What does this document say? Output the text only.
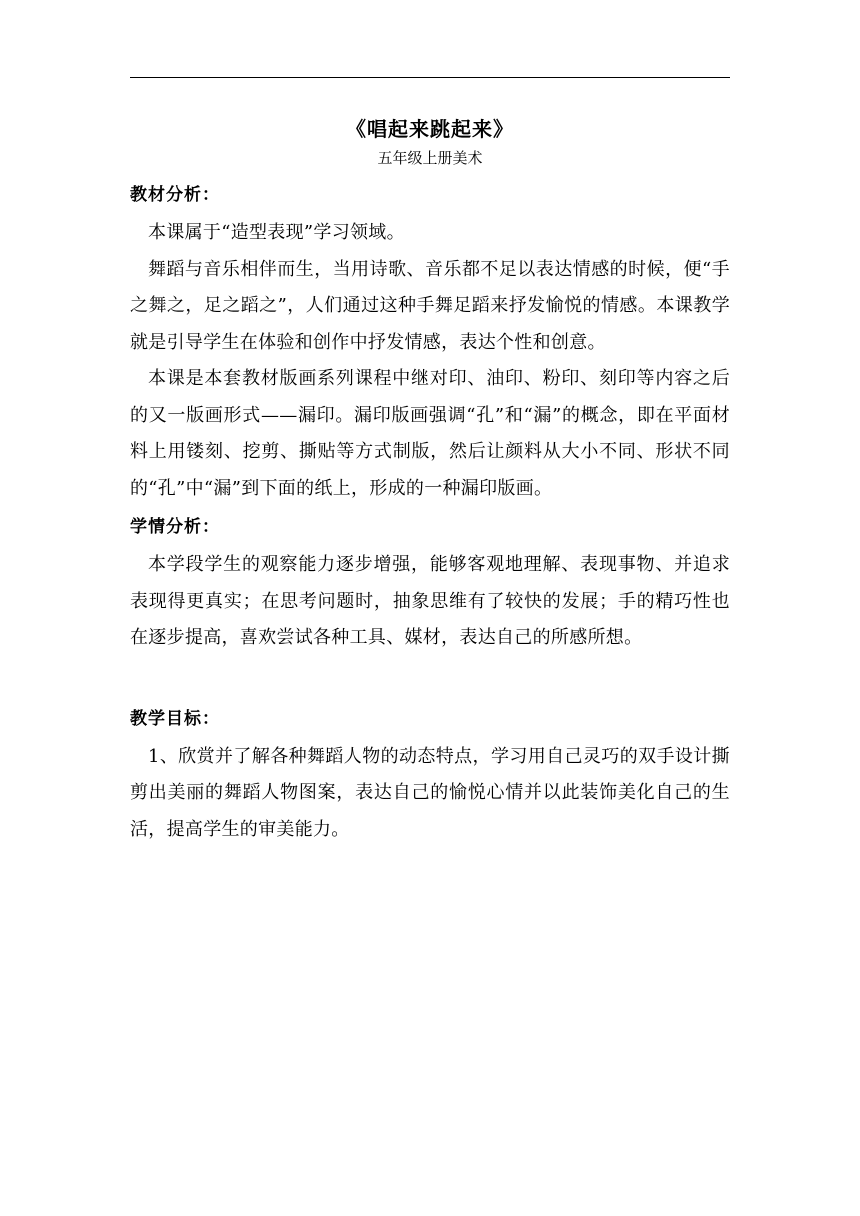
《唱起来跳起来》

五年级上册美术

教材分析：

本课属于“造型表现”学习领域。

舞蹈与音乐相伴而生，当用诗歌、音乐都不足以表达情感的时候，便“手之舞之，足之蹈之”，人们通过这种手舞足蹈来抒发愉悦的情感。本课教学就是引导学生在体验和创作中抒发情感，表达个性和创意。

本课是本套教材版画系列课程中继对印、油印、粉印、刻印等内容之后的又一版画形式——漏印。漏印版画强调“孔”和“漏”的概念，即在平面材料上用镂刻、挖剪、撕贴等方式制版，然后让颜料从大小不同、形状不同的“孔”中“漏”到下面的纸上，形成的一种漏印版画。

学情分析：

本学段学生的观察能力逐步增强，能够客观地理解、表现事物、并追求表现得更真实；在思考问题时，抽象思维有了较快的发展；手的精巧性也在逐步提高，喜欢尝试各种工具、媒材，表达自己的所感所想。

教学目标：

1、欣赏并了解各种舞蹈人物的动态特点，学习用自己灵巧的双手设计撕剪出美丽的舞蹈人物图案，表达自己的愉悦心情并以此装饰美化自己的生活，提高学生的审美能力。
